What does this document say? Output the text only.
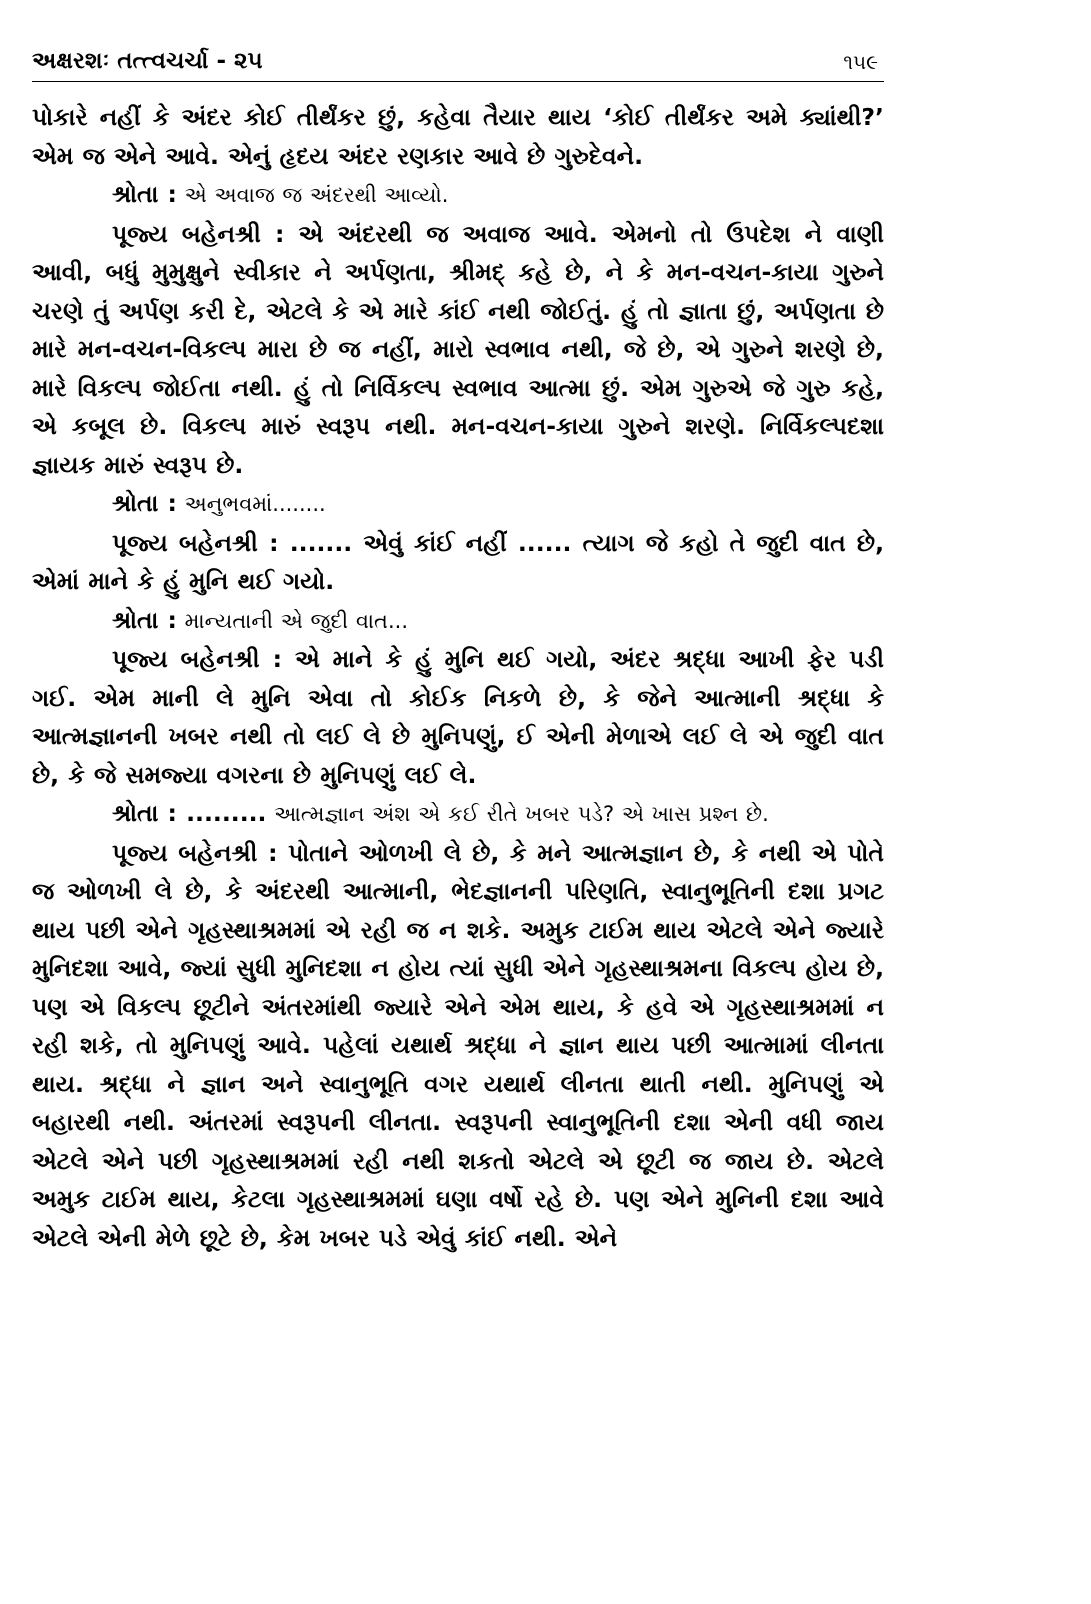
અક્ષરશઃ તત્ત્વચર્ચા - ૨૫	૧૫૯

પોકારે નહીં કે અંદર કોઈ તીર્થંકર છું, કહેવા તૈયાર થાય ‘કોઈ તીર્થંકર અમે ક્યાંથી?’ એમ જ એને આવે. એનું હૃદય અંદર રણકાર આવે છે ગુરુદેવને.

શ્રોતા : એ અવાજ જ અંદરથી આવ્યો.

પૂજ્ય બહેનશ્રી : એ અંદરથી જ અવાજ આવે. એમનો તો ઉપદેશ ને વાણી આવી, બધું મુમુક્ષુને સ્વીકાર ને અર્પણતા, શ્રીમદ્ કહે છે, ને કે મન-વચન-કાયા ગુરુને ચરણે તું અર્પણ કરી દે, એટલે કે એ મારે કાંઈ નથી જોઈતું. હું તો જ્ઞાતા છું, અર્પણતા છે મારે મન-વચન-વિકલ્પ મારા છે જ નહીં, મારો સ્વભાવ નથી, જે છે, એ ગુરુને શરણે છે, મારે વિકલ્પ જોઈતા નથી. હું તો નિર્વિકલ્પ સ્વભાવ આત્મા છું. એમ ગુરુએ જે ગુરુ કહે, એ કબૂલ છે. વિકલ્પ મારું સ્વરૂપ નથી. મન-વચન-કાયા ગુરુને શરણે. નિર્વિકલ્પદશા જ્ઞાયક મારું સ્વરૂપ છે.

શ્રોતા : અનુભવમાં........

પૂજ્ય બહેનશ્રી : ....... એવું કાંઈ નહીં ...... ત્યાગ જે કહો તે જુદી વાત છે, એમાં માને કે હું મુનિ થઈ ગયો.

શ્રોતા : માન્યતાની એ જુદી વાત...

પૂજ્ય બહેનશ્રી : એ માને કે હું મુનિ થઈ ગયો, અંદર શ્રદ્ધા આખી ફેર પડી ગઈ. એમ માની લે મુનિ એવા તો કોઈક નિકળે છે, કે જેને આત્માની શ્રદ્ધા કે આત્મજ્ઞાનની ખબર નથી તો લઈ લે છે મુનિપણું, ઈ એની મેળાએ લઈ લે એ જુદી વાત છે, કે જે સમજ્યા વગરના છે મુનિપણું લઈ લે.

શ્રોતા : ......... આત્મજ્ઞાન અંશ એ કઈ રીતે ખબર પડે? એ ખાસ પ્રશ્ન છે.

પૂજ્ય બહેનશ્રી : પોતાને ઓળખી લે છે, કે મને આત્મજ્ઞાન છે, કે નથી એ પોતે જ ઓળખી લે છે, કે અંદરથી આત્માની, ભેદજ્ઞાનની પરિણતિ, સ્વાનુભૂતિની દશા પ્રગટ થાય પછી એને ગૃહસ્થાશ્રમમાં એ રહી જ ન શકે. અમુક ટાઈમ થાય એટલે એને જ્યારે મુનિદશા આવે, જ્યાં સુધી મુનિદશા ન હોય ત્યાં સુધી એને ગૃહસ્થાશ્રમના વિકલ્પ હોય છે, પણ એ વિકલ્પ છૂટીને અંતરમાંથી જ્યારે એને એમ થાય, કે હવે એ ગૃહસ્થાશ્રમમાં ન રહી શકે, તો મુનિપણું આવે. પહેલાં યથાર્થ શ્રદ્ધા ને જ્ઞાન થાય પછી આત્મામાં લીનતા થાય. શ્રદ્ધા ને જ્ઞાન અને સ્વાનુભૂતિ વગર યથાર્થ લીનતા થાતી નથી. મુનિપણું એ બહારથી નથી. અંતરમાં સ્વરૂપની લીનતા. સ્વરૂપની સ્વાનુભૂતિની દશા એની વધી જાય એટલે એને પછી ગૃહસ્થાશ્રમમાં રહી નથી શકતો એટલે એ છૂટી જ જાય છે. એટલે અમુક ટાઈમ થાય, કેટલા ગૃહસ્થાશ્રમમાં ઘણા વર્ષો રહે છે. પણ એને મુનિની દશા આવે એટલે એની મેળે છૂટે છે, કેમ ખબર પડે એવું કાંઈ નથી. એને
